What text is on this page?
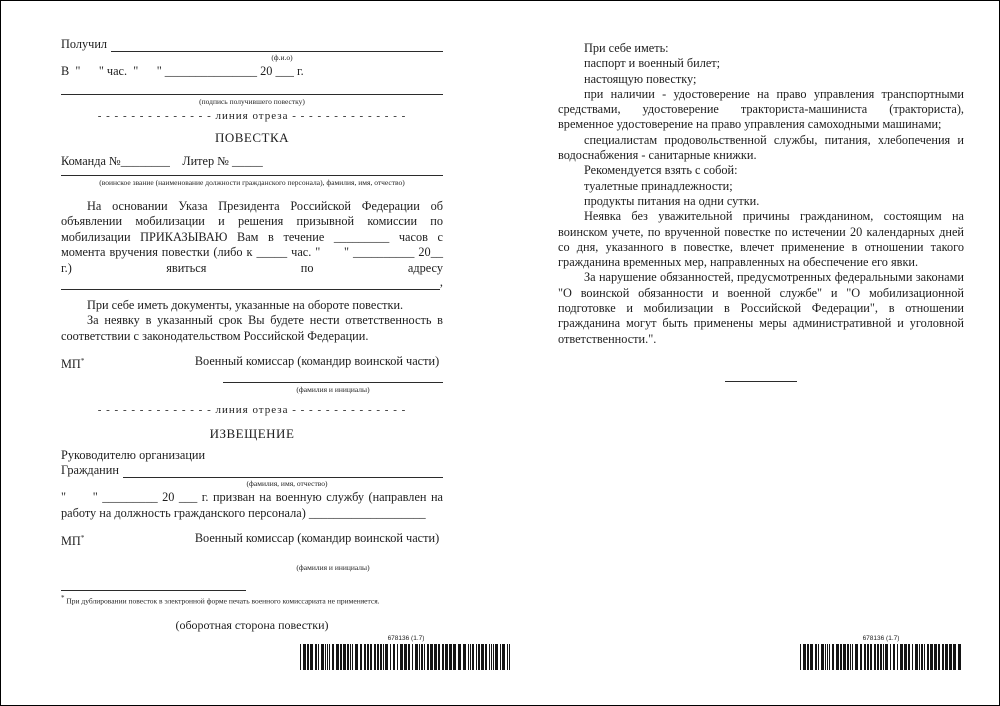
Получил
(ф.и.о)
В  "      " час.  "      " _______________ 20 ___ г.
(подпись получившего повестку)
- - - - - - - - - - - - - - линия отреза - - - - - - - - - - - - - -
ПОВЕСТКА
Команда №________    Литер № _____
(воинское звание (наименование должности гражданского персонала), фамилия, имя, отчество)

На основании Указа Президента Российской Федерации об объявлении мобилизации и решения призывной комиссии по мобилизации ПРИКАЗЫВАЮ Вам в течение _________ часов с момента вручения повестки (либо к _____ час. "      " __________ 20__ г.) явиться по адресу

,

При себе иметь документы, указанные на обороте повестки.

За неявку в указанный срок Вы будете нести ответственность в соответствии с законодательством Российской Федерации.

МП*	Военный комиссар (командир воинской части)
(фамилия и инициалы)
- - - - - - - - - - - - - - линия отреза - - - - - - - - - - - - - -
ИЗВЕЩЕНИЕ
Руководителю организации
Гражданин
(фамилия, имя, отчество)

"      " _________ 20 ___ г. призван на военную службу (направлен на работу на должность гражданского персонала) ___________________

МП*	Военный комиссар (командир воинской части)
(фамилия и инициалы)
* При дублировании повесток в электронной форме печать военного комиссариата не применяется.
(оборотная сторона повестки)

При себе иметь:

паспорт и военный билет;

настоящую повестку;

при наличии - удостоверение на право управления транспортными средствами, удостоверение тракториста-машиниста (тракториста), временное удостоверение на право управления самоходными машинами;

специалистам продовольственной службы, питания, хлебопечения и водоснабжения - санитарные книжки.

Рекомендуется взять с собой:

туалетные принадлежности;

продукты питания на одни сутки.

Неявка без уважительной причины гражданином, состоящим на воинском учете, по врученной повестке по истечении 20 календарных дней со дня, указанного в повестке, влечет применение в отношении такого гражданина временных мер, направленных на обеспечение его явки.

За нарушение обязанностей, предусмотренных федеральными законами "О воинской обязанности и военной службе" и "О мобилизационной подготовке и мобилизации в Российской Федерации", в отношении гражданина могут быть применены меры административной и уголовной ответственности.".

678136 (1.7)	678136 (1.7)
